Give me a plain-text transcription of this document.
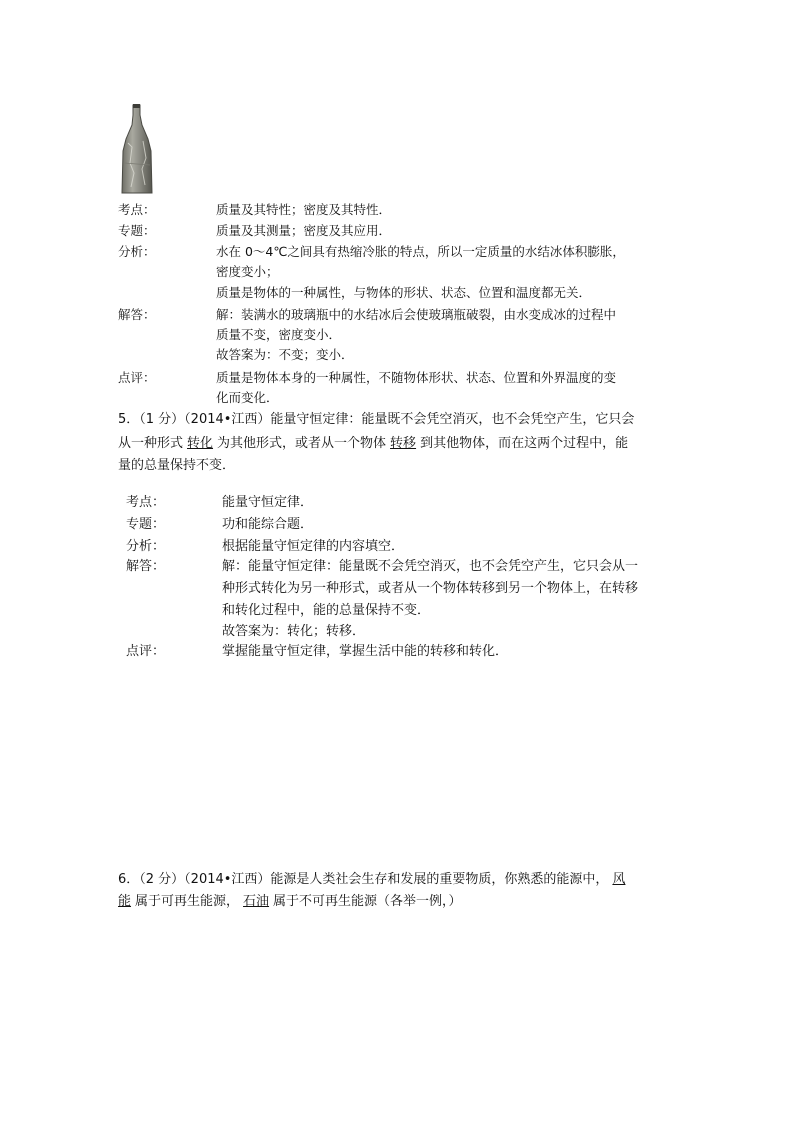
考点：	质量及其特性；密度及其特性．
专题：	质量及其测量；密度及其应用．
分析：	水在 0～4℃之间具有热缩冷胀的特点，所以一定质量的水结冰体积膨胀，
密度变小；
质量是物体的一种属性，与物体的形状、状态、位置和温度都无关．
解答：	解：装满水的玻璃瓶中的水结冰后会使玻璃瓶破裂，由水变成冰的过程中
质量不变，密度变小．
故答案为：不变；变小．
点评：	质量是物体本身的一种属性，不随物体形状、状态、位置和外界温度的变
化而变化．
5．（1 分）（2014•江西）能量守恒定律：能量既不会凭空消灭，也不会凭空产生，它只会
从一种形式 转化 为其他形式，或者从一个物体 转移 到其他物体，而在这两个过程中，能
量的总量保持不变．
考点：	能量守恒定律．
专题：	功和能综合题．
分析：	根据能量守恒定律的内容填空．
解答：	解：能量守恒定律：能量既不会凭空消灭，也不会凭空产生，它只会从一
种形式转化为另一种形式，或者从一个物体转移到另一个物体上，在转移
和转化过程中，能的总量保持不变．
故答案为：转化；转移．
点评：	掌握能量守恒定律，掌握生活中能的转移和转化．
6．（2 分）（2014•江西）能源是人类社会生存和发展的重要物质，你熟悉的能源中， 风
能 属于可再生能源， 石油 属于不可再生能源（各举一例，）
